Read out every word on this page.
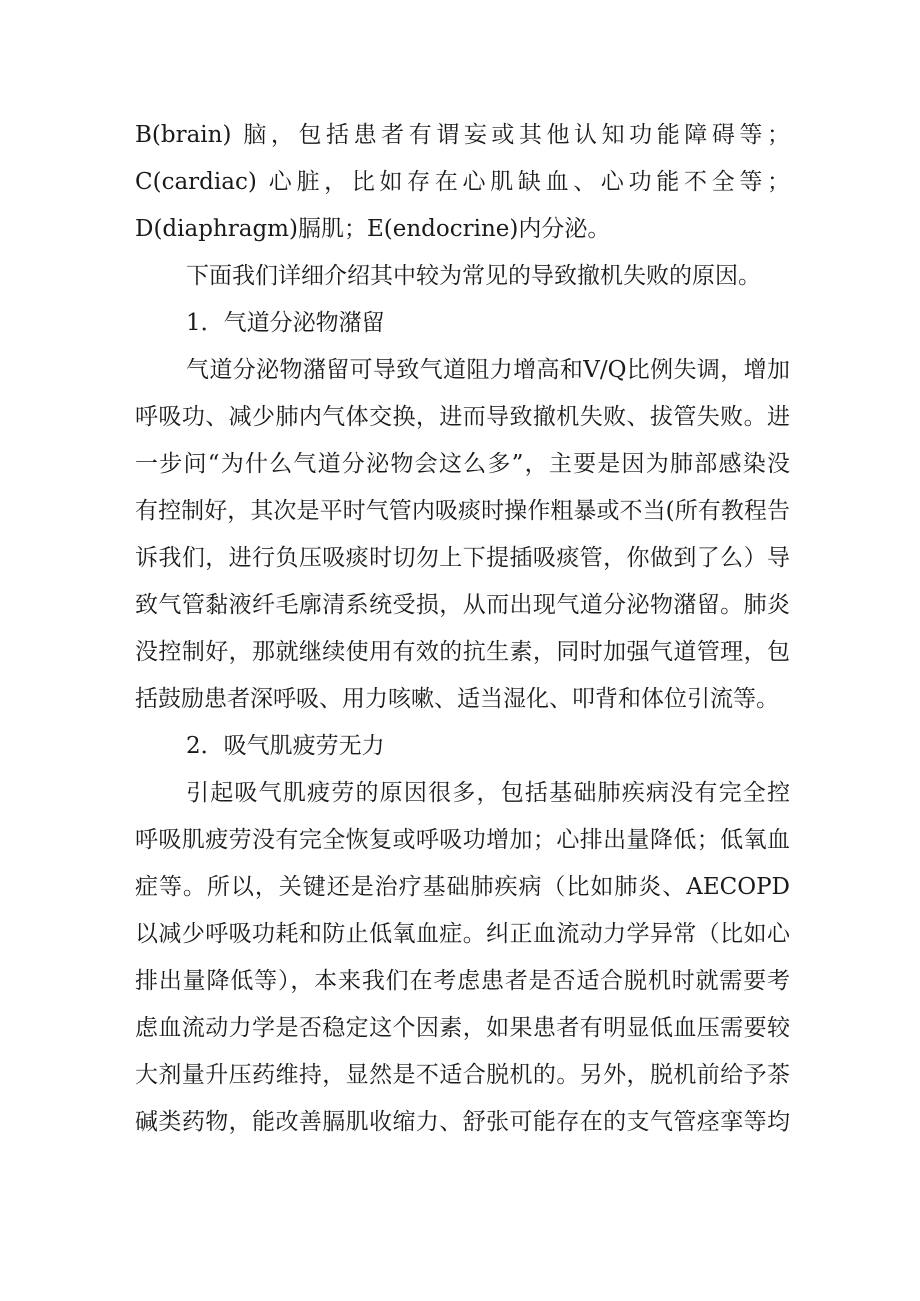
B(brain) 脑，包括患者有谓妄或其他认知功能障碍等；
C(cardiac) 心脏，比如存在心肌缺血、心功能不全等；
D(diaphragm)膈肌；E(endocrine)内分泌。
下面我们详细介绍其中较为常见的导致撤机失败的原因。
1．气道分泌物潴留
气道分泌物潴留可导致气道阻力增高和V/Q比例失调，增加
呼吸功、减少肺内气体交换，进而导致撤机失败、拔管失败。进
一步问“为什么气道分泌物会这么多”，主要是因为肺部感染没
有控制好，其次是平时气管内吸痰时操作粗暴或不当(所有教程告
诉我们，进行负压吸痰时切勿上下提插吸痰管，你做到了么）导
致气管黏液纤毛廓清系统受损，从而出现气道分泌物潴留。肺炎
没控制好，那就继续使用有效的抗生素，同时加强气道管理，包
括鼓励患者深呼吸、用力咳嗽、适当湿化、叩背和体位引流等。
2．吸气肌疲劳无力
引起吸气肌疲劳的原因很多，包括基础肺疾病没有完全控
呼吸肌疲劳没有完全恢复或呼吸功增加；心排出量降低；低氧血
症等。所以，关键还是治疗基础肺疾病（比如肺炎、AECOPD
以减少呼吸功耗和防止低氧血症。纠正血流动力学异常（比如心
排出量降低等），本来我们在考虑患者是否适合脱机时就需要考
虑血流动力学是否稳定这个因素，如果患者有明显低血压需要较
大剂量升压药维持，显然是不适合脱机的。另外，脱机前给予茶
碱类药物，能改善膈肌收缩力、舒张可能存在的支气管痉挛等均
